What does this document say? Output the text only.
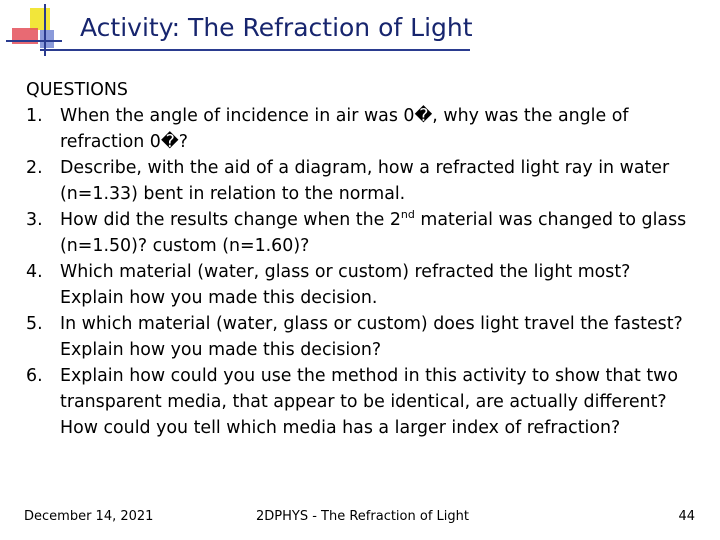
Activity: The Refraction of Light
QUESTIONS
1.	When the angle of incidence in air was 0�, why was the angle of refraction 0�?
2.	Describe, with the aid of a diagram, how a refracted light ray in water (n=1.33) bent in relation to the normal.
3.	How did the results change when the 2nd material was changed to glass (n=1.50)? custom (n=1.60)?
4.	Which material (water, glass or custom) refracted the light most? Explain how you made this decision.
5.	In which material (water, glass or custom) does light travel the fastest? Explain how you made this decision?
6.	Explain how could you use the method in this activity to show that two transparent media, that appear to be identical, are actually different? How could you tell which media has a larger index of refraction?
December 14, 2021	2DPHYS - The Refraction of Light	44
